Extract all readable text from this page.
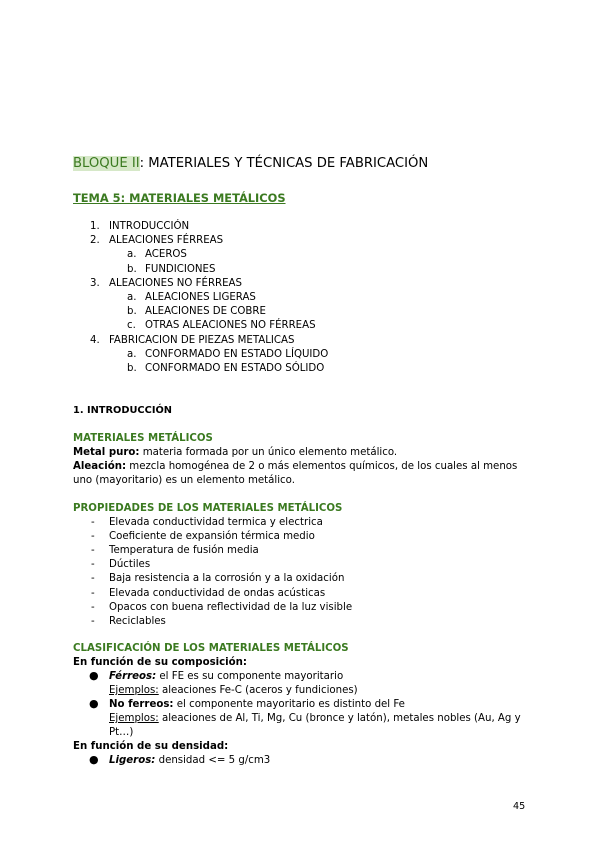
BLOQUE II: MATERIALES Y TÉCNICAS DE FABRICACIÓN
TEMA 5: MATERIALES METÁLICOS
1. INTRODUCCIÓN
2. ALEACIONES FÉRREAS
a. ACEROS
b. FUNDICIONES
3. ALEACIONES NO FÉRREAS
a. ALEACIONES LIGERAS
b. ALEACIONES DE COBRE
c. OTRAS ALEACIONES NO FÉRREAS
4. FABRICACION DE PIEZAS METALICAS
a. CONFORMADO EN ESTADO LÍQUIDO
b. CONFORMADO EN ESTADO SÓLIDO
1. INTRODUCCIÓN
MATERIALES METÁLICOS
Metal puro: materia formada por un único elemento metálico.
Aleación: mezcla homogénea de 2 o más elementos químicos, de los cuales al menos
uno (mayoritario) es un elemento metálico.
PROPIEDADES DE LOS MATERIALES METÁLICOS
- Elevada conductividad termica y electrica
- Coeficiente de expansión térmica medio
- Temperatura de fusión media
- Dúctiles
- Baja resistencia a la corrosión y a la oxidación
- Elevada conductividad de ondas acústicas
- Opacos con buena reflectividad de la luz visible
- Reciclables
CLASIFICACIÓN DE LOS MATERIALES METÁLICOS
En función de su composición:
● Férreos: el FE es su componente mayoritario
Ejemplos: aleaciones Fe-C (aceros y fundiciones)
● No ferreos: el componente mayoritario es distinto del Fe
Ejemplos: aleaciones de Al, Ti, Mg, Cu (bronce y latón), metales nobles (Au, Ag y
Pt…)
En función de su densidad:
● Ligeros: densidad <= 5 g/cm3
45
